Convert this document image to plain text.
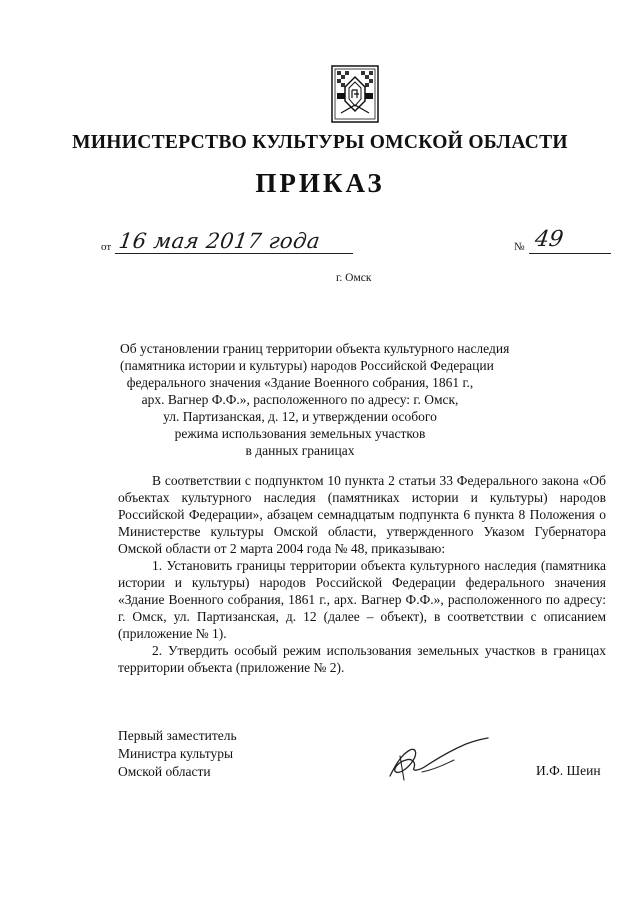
МИНИСТЕРСТВО КУЛЬТУРЫ ОМСКОЙ ОБЛАСТИ
ПРИКАЗ
от 16 мая 2017 года	№ 49
г. Омск
Об установлении границ территории объекта культурного наследия
(памятника истории и культуры) народов Российской Федерации
федерального значения «Здание Военного собрания, 1861 г.,
арх. Вагнер Ф.Ф.», расположенного по адресу: г. Омск,
ул. Партизанская, д. 12, и утверждении особого
режима использования земельных участков
в данных границах

В соответствии с подпунктом 10 пункта 2 статьи 33 Федерального закона «Об объектах культурного наследия (памятниках истории и культуры) народов Российской Федерации», абзацем семнадцатым подпункта 6 пункта 8 Положения о Министерстве культуры Омской области, утвержденного Указом Губернатора Омской области от 2 марта 2004 года № 48, приказываю:

1. Установить границы территории объекта культурного наследия (памятника истории и культуры) народов Российской Федерации федерального значения «Здание Военного собрания, 1861 г., арх. Вагнер Ф.Ф.», расположенного по адресу: г. Омск, ул. Партизанская, д. 12 (далее – объект), в соответствии с описанием (приложение № 1).

2. Утвердить особый режим использования земельных участков в границах территории объекта (приложение № 2).

Первый заместитель
Министра культуры
Омской области	И.Ф. Шеин
